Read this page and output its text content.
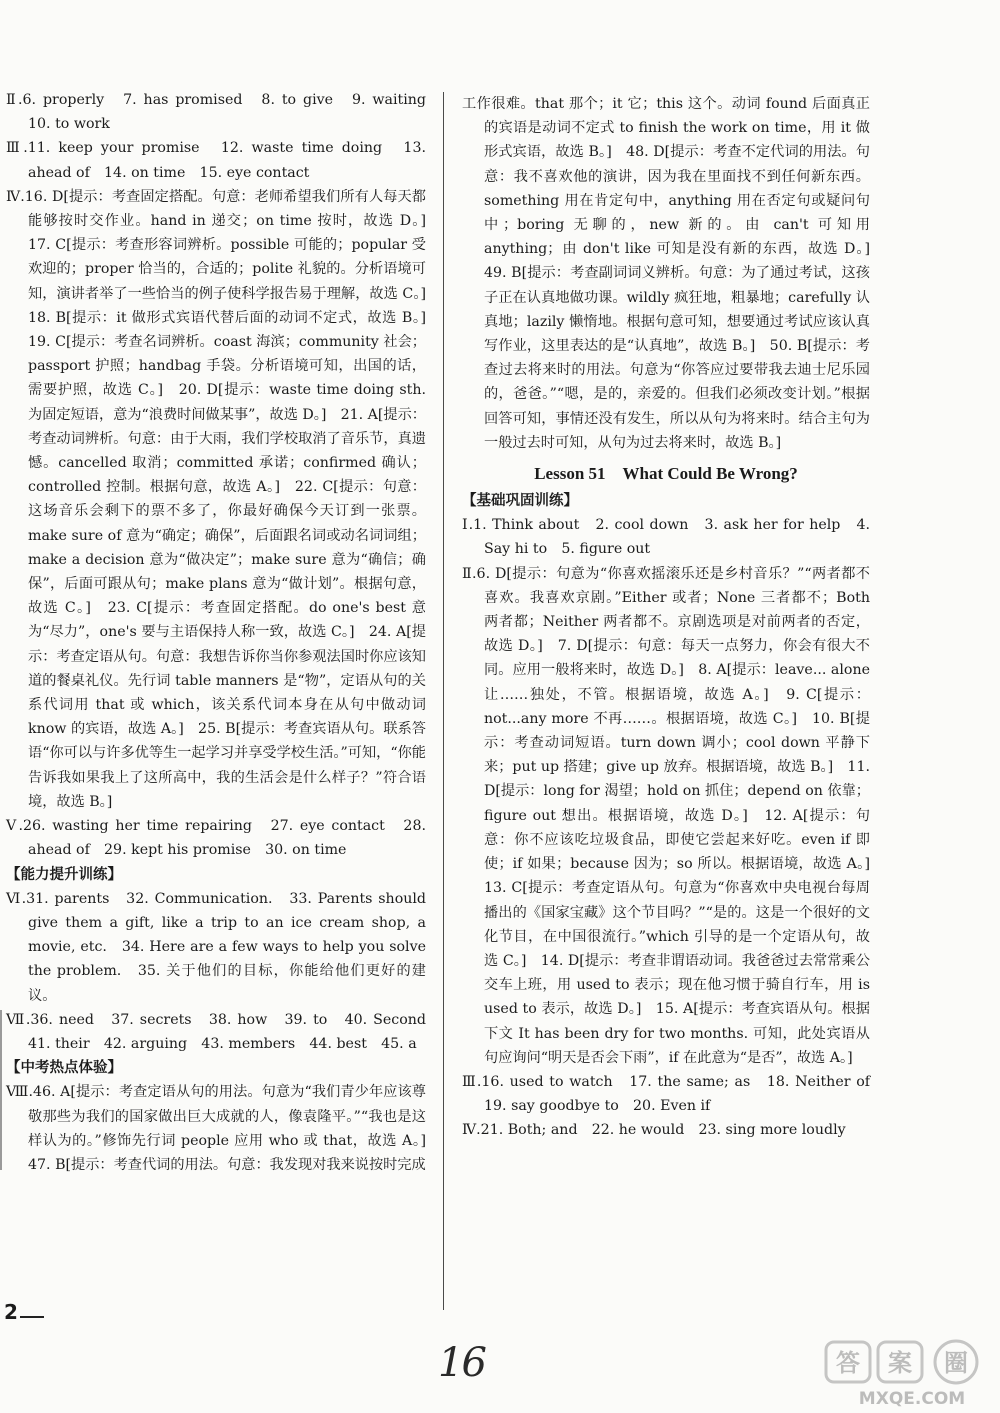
Ⅱ.6. properly　7. has promised　8. to give　9. waiting　10. to work

Ⅲ.11. keep your promise　12. waste time doing　13. ahead of　14. on time　15. eye contact

Ⅳ.16. D[提示：考查固定搭配。句意：老师希望我们所有人每天都能够按时交作业。hand in 递交；on time 按时，故选 D。]　17. C[提示：考查形容词辨析。possible 可能的；popular 受欢迎的；proper 恰当的，合适的；polite 礼貌的。分析语境可知，演讲者举了一些恰当的例子使科学报告易于理解，故选 C。]　18. B[提示：it 做形式宾语代替后面的动词不定式，故选 B。]　19. C[提示：考查名词辨析。coast 海滨；community 社会；passport 护照；handbag 手袋。分析语境可知，出国的话，需要护照，故选 C。]　20. D[提示：waste time doing sth. 为固定短语，意为“浪费时间做某事”，故选 D。]　21. A[提示：考查动词辨析。句意：由于大雨，我们学校取消了音乐节，真遗憾。cancelled 取消；committed 承诺；confirmed 确认；controlled 控制。根据句意，故选 A。]　22. C[提示：句意：这场音乐会剩下的票不多了，你最好确保今天订到一张票。make sure of 意为“确定；确保”，后面跟名词或动名词词组；make a decision 意为“做决定”；make sure 意为“确信；确保”，后面可跟从句；make plans 意为“做计划”。根据句意，故选 C。]　23. C[提示：考查固定搭配。do one's best 意为“尽力”，one's 要与主语保持人称一致，故选 C。]　24. A[提示：考查定语从句。句意：我想告诉你当你参观法国时你应该知道的餐桌礼仪。先行词 table manners 是“物”，定语从句的关系代词用 that 或 which，该关系代词本身在从句中做动词 know 的宾语，故选 A。]　25. B[提示：考查宾语从句。联系答语“你可以与许多优等生一起学习并享受学校生活。”可知，“你能告诉我如果我上了这所高中，我的生活会是什么样子？”符合语境，故选 B。]

Ⅴ.26. wasting her time repairing　27. eye contact　28. ahead of　29. kept his promise　30. on time

【能力提升训练】

Ⅵ.31. parents　32. Communication.　33. Parents should give them a gift, like a trip to an ice cream shop, a movie, etc.　34. Here are a few ways to help you solve the problem.　35. 关于他们的目标，你能给他们更好的建议。

Ⅶ.36. need　37. secrets　38. how　39. to　40. Second　41. their　42. arguing　43. members　44. best　45. a

【中考热点体验】

Ⅷ.46. A[提示：考查定语从句的用法。句意为“我们青少年应该尊敬那些为我们的国家做出巨大成就的人，像袁隆平。”“我也是这样认为的。”修饰先行词 people 应用 who 或 that，故选 A。]　47. B[提示：考查代词的用法。句意：我发现对我来说按时完成

工作很难。that 那个；it 它；this 这个。动词 found 后面真正的宾语是动词不定式 to finish the work on time，用 it 做形式宾语，故选 B。]　48. D[提示：考查不定代词的用法。句意：我不喜欢他的演讲，因为我在里面找不到任何新东西。something 用在肯定句中，anything 用在否定句或疑问句中；boring 无聊的，new 新的。由 can't 可知用 anything；由 don't like 可知是没有新的东西，故选 D。]　49. B[提示：考查副词词义辨析。句意：为了通过考试，这孩子正在认真地做功课。wildly 疯狂地，粗暴地；carefully 认真地；lazily 懒惰地。根据句意可知，想要通过考试应该认真写作业，这里表达的是“认真地”，故选 B。]　50. B[提示：考查过去将来时的用法。句意为“你答应过要带我去迪士尼乐园的，爸爸。”“嗯，是的，亲爱的。但我们必须改变计划。”根据回答可知，事情还没有发生，所以从句为将来时。结合主句为一般过去时可知，从句为过去将来时，故选 B。]

Lesson 51　What Could Be Wrong?
【基础巩固训练】

Ⅰ.1. Think about　2. cool down　3. ask her for help　4. Say hi to　5. figure out

Ⅱ.6. D[提示：句意为“你喜欢摇滚乐还是乡村音乐？”“两者都不喜欢。我喜欢京剧。”Either 或者；None 三者都不；Both 两者都；Neither 两者都不。京剧选项是对前两者的否定，故选 D。]　7. D[提示：句意：每天一点努力，你会有很大不同。应用一般将来时，故选 D。]　8. A[提示：leave... alone 让……独处，不管。根据语境，故选 A。]　9. C[提示：not...any more 不再……。根据语境，故选 C。]　10. B[提示：考查动词短语。turn down 调小；cool down 平静下来；put up 搭建；give up 放弃。根据语境，故选 B。]　11. D[提示：long for 渴望；hold on 抓住；depend on 依靠；figure out 想出。根据语境，故选 D。]　12. A[提示：句意：你不应该吃垃圾食品，即使它尝起来好吃。even if 即使；if 如果；because 因为；so 所以。根据语境，故选 A。]　13. C[提示：考查定语从句。句意为“你喜欢中央电视台每周播出的《国家宝藏》这个节目吗？”“是的。这是一个很好的文化节目，在中国很流行。”which 引导的是一个定语从句，故选 C。]　14. D[提示：考查非谓语动词。我爸爸过去常常乘公交车上班，用 used to 表示；现在他习惯于骑自行车，用 is used to 表示，故选 D。]　15. A[提示：考查宾语从句。根据下文 It has been dry for two months. 可知，此处宾语从句应询问“明天是否会下雨”，if 在此意为“是否”，故选 A。]

Ⅲ.16. used to watch　17. the same; as　18. Neither of　19. say goodbye to　20. Even if

Ⅳ.21. Both; and　22. he would　23. sing more loudly

2
16	答 案 圈
MXQE.COM
